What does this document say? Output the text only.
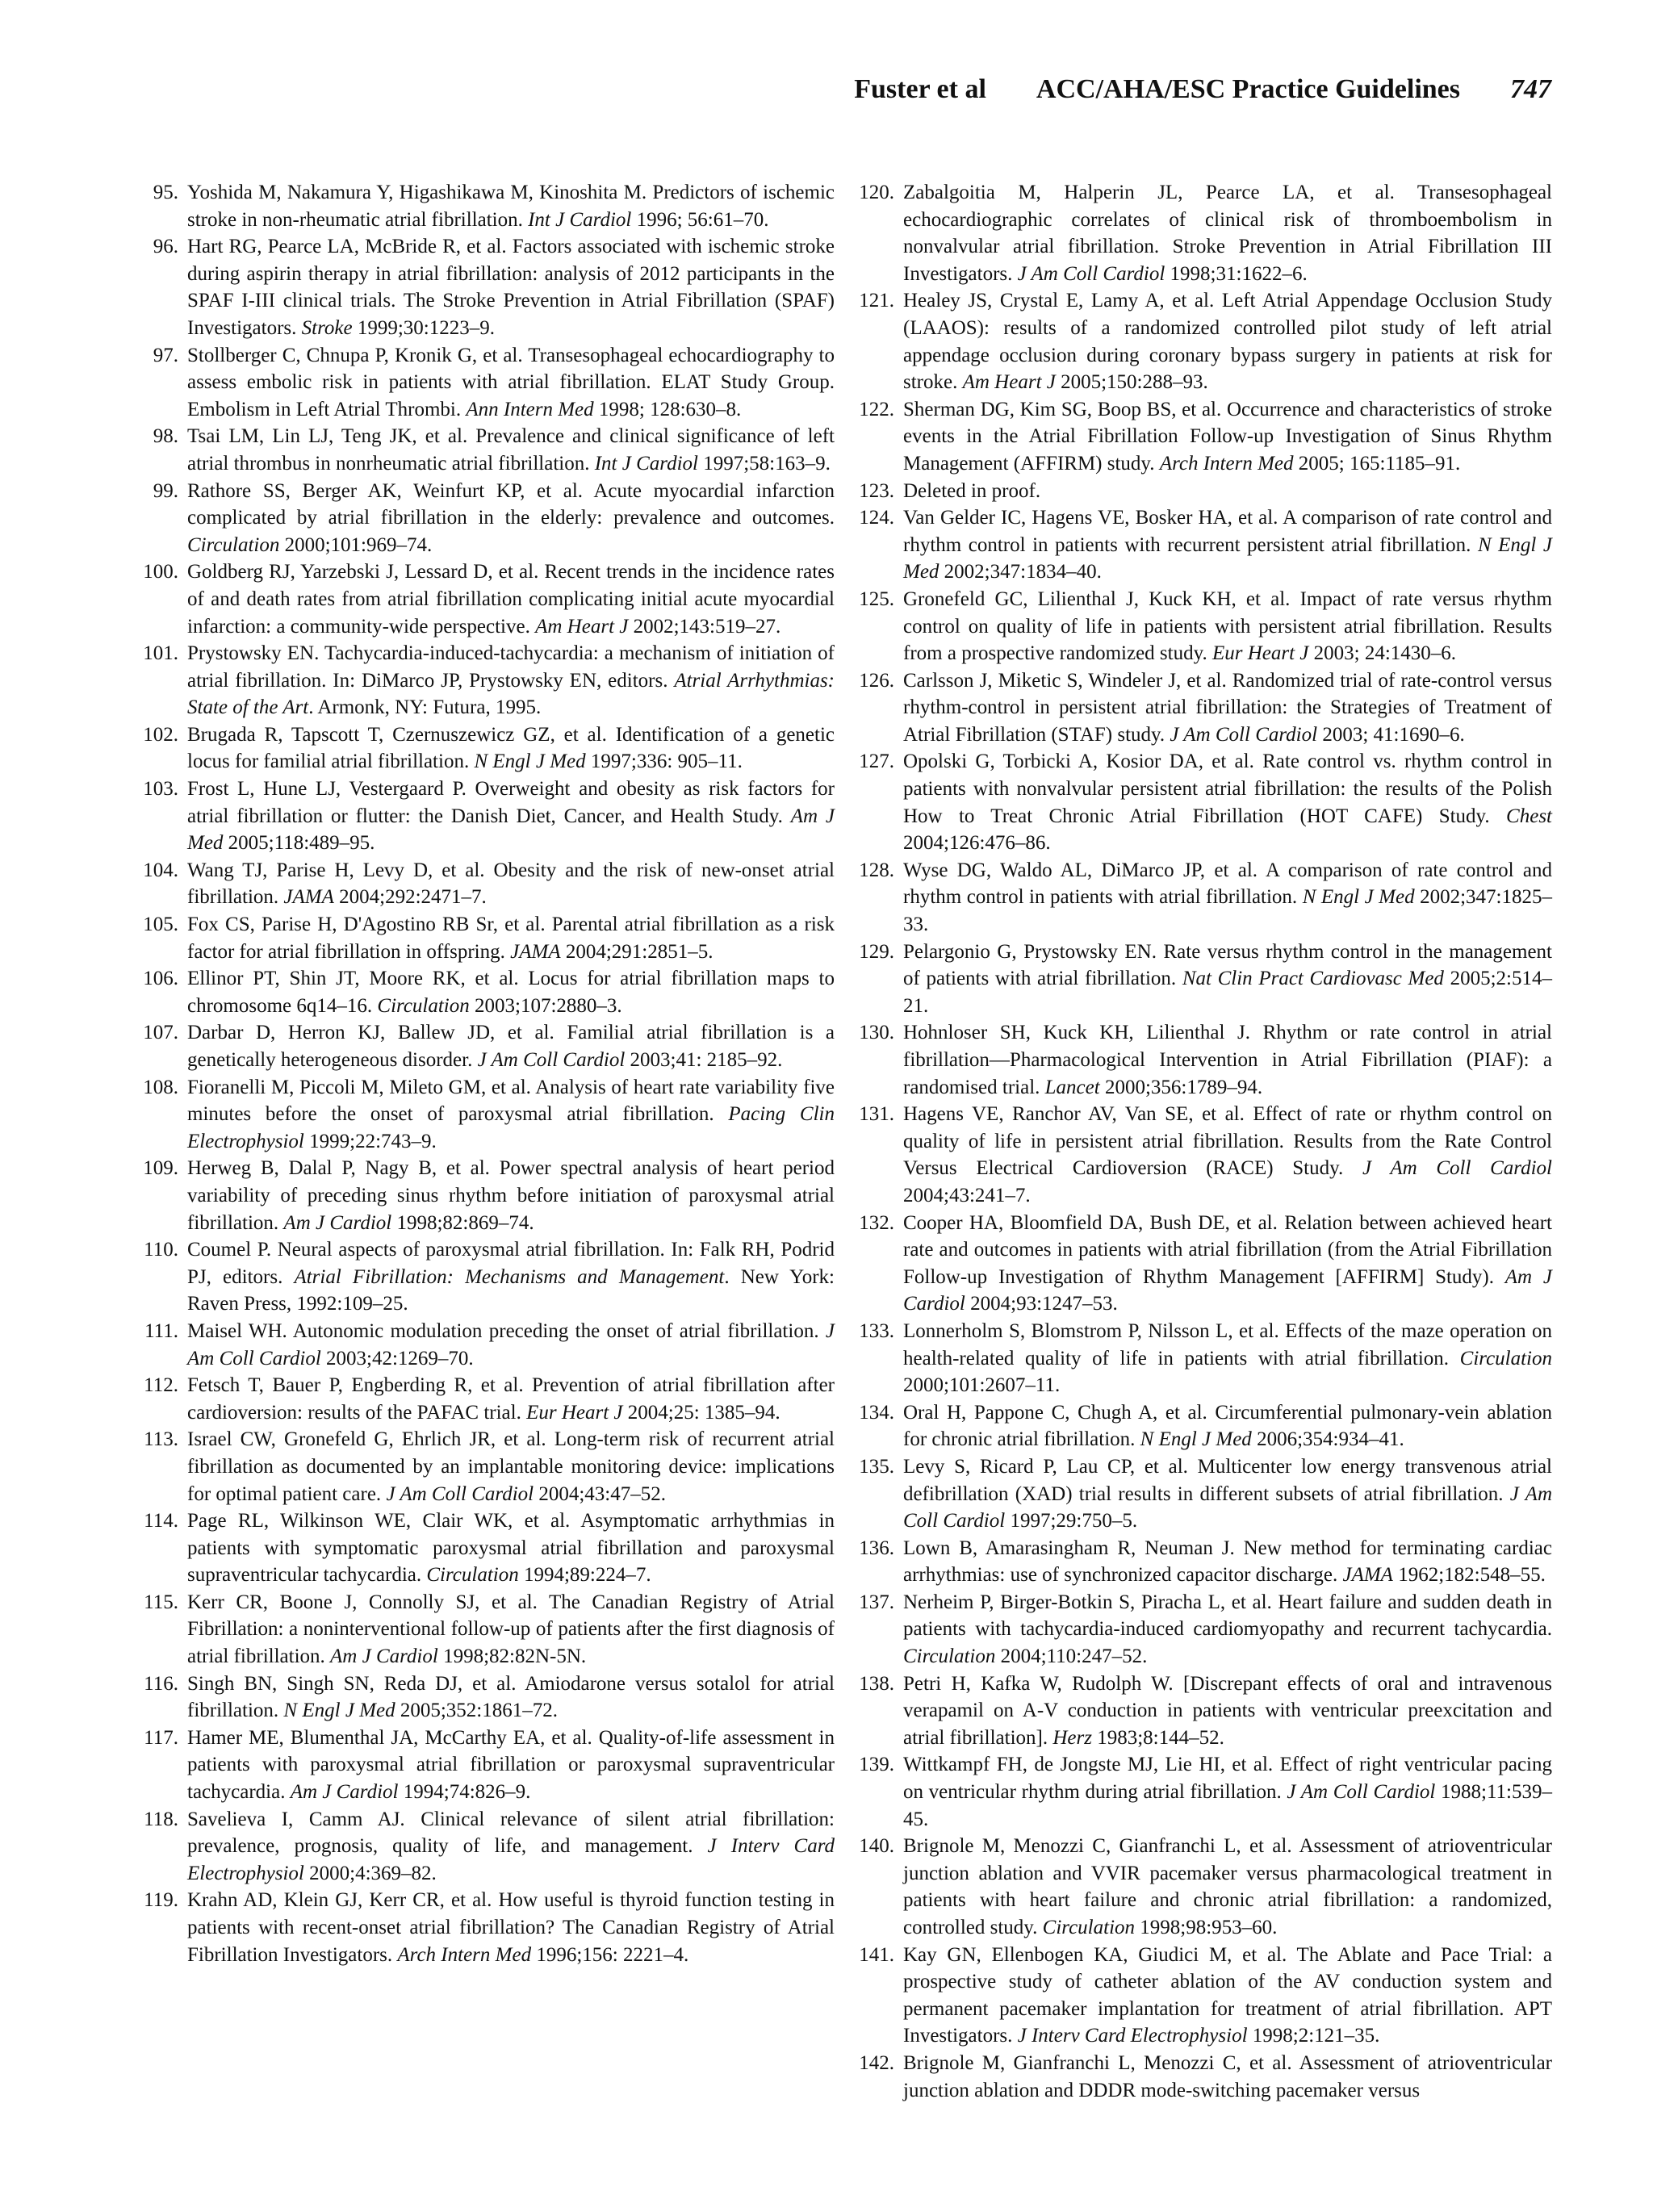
Fuster et al ACC/AHA/ESC Practice Guidelines 747
95. Yoshida M, Nakamura Y, Higashikawa M, Kinoshita M. Predictors of ischemic stroke in non-rheumatic atrial fibrillation. Int J Cardiol 1996; 56:61–70.
96. Hart RG, Pearce LA, McBride R, et al. Factors associated with ischemic stroke during aspirin therapy in atrial fibrillation: analysis of 2012 participants in the SPAF I-III clinical trials. The Stroke Prevention in Atrial Fibrillation (SPAF) Investigators. Stroke 1999;30:1223–9.
97. Stollberger C, Chnupa P, Kronik G, et al. Transesophageal echocardiography to assess embolic risk in patients with atrial fibrillation. ELAT Study Group. Embolism in Left Atrial Thrombi. Ann Intern Med 1998; 128:630–8.
98. Tsai LM, Lin LJ, Teng JK, et al. Prevalence and clinical significance of left atrial thrombus in nonrheumatic atrial fibrillation. Int J Cardiol 1997;58:163–9.
99. Rathore SS, Berger AK, Weinfurt KP, et al. Acute myocardial infarction complicated by atrial fibrillation in the elderly: prevalence and outcomes. Circulation 2000;101:969–74.
100. Goldberg RJ, Yarzebski J, Lessard D, et al. Recent trends in the incidence rates of and death rates from atrial fibrillation complicating initial acute myocardial infarction: a community-wide perspective. Am Heart J 2002;143:519–27.
101. Prystowsky EN. Tachycardia-induced-tachycardia: a mechanism of initiation of atrial fibrillation. In: DiMarco JP, Prystowsky EN, editors. Atrial Arrhythmias: State of the Art. Armonk, NY: Futura, 1995.
102. Brugada R, Tapscott T, Czernuszewicz GZ, et al. Identification of a genetic locus for familial atrial fibrillation. N Engl J Med 1997;336: 905–11.
103. Frost L, Hune LJ, Vestergaard P. Overweight and obesity as risk factors for atrial fibrillation or flutter: the Danish Diet, Cancer, and Health Study. Am J Med 2005;118:489–95.
104. Wang TJ, Parise H, Levy D, et al. Obesity and the risk of new-onset atrial fibrillation. JAMA 2004;292:2471–7.
105. Fox CS, Parise H, D'Agostino RB Sr, et al. Parental atrial fibrillation as a risk factor for atrial fibrillation in offspring. JAMA 2004;291:2851–5.
106. Ellinor PT, Shin JT, Moore RK, et al. Locus for atrial fibrillation maps to chromosome 6q14–16. Circulation 2003;107:2880–3.
107. Darbar D, Herron KJ, Ballew JD, et al. Familial atrial fibrillation is a genetically heterogeneous disorder. J Am Coll Cardiol 2003;41: 2185–92.
108. Fioranelli M, Piccoli M, Mileto GM, et al. Analysis of heart rate variability five minutes before the onset of paroxysmal atrial fibrillation. Pacing Clin Electrophysiol 1999;22:743–9.
109. Herweg B, Dalal P, Nagy B, et al. Power spectral analysis of heart period variability of preceding sinus rhythm before initiation of paroxysmal atrial fibrillation. Am J Cardiol 1998;82:869–74.
110. Coumel P. Neural aspects of paroxysmal atrial fibrillation. In: Falk RH, Podrid PJ, editors. Atrial Fibrillation: Mechanisms and Management. New York: Raven Press, 1992:109–25.
111. Maisel WH. Autonomic modulation preceding the onset of atrial fibrillation. J Am Coll Cardiol 2003;42:1269–70.
112. Fetsch T, Bauer P, Engberding R, et al. Prevention of atrial fibrillation after cardioversion: results of the PAFAC trial. Eur Heart J 2004;25: 1385–94.
113. Israel CW, Gronefeld G, Ehrlich JR, et al. Long-term risk of recurrent atrial fibrillation as documented by an implantable monitoring device: implications for optimal patient care. J Am Coll Cardiol 2004;43:47–52.
114. Page RL, Wilkinson WE, Clair WK, et al. Asymptomatic arrhythmias in patients with symptomatic paroxysmal atrial fibrillation and paroxysmal supraventricular tachycardia. Circulation 1994;89:224–7.
115. Kerr CR, Boone J, Connolly SJ, et al. The Canadian Registry of Atrial Fibrillation: a noninterventional follow-up of patients after the first diagnosis of atrial fibrillation. Am J Cardiol 1998;82:82N-5N.
116. Singh BN, Singh SN, Reda DJ, et al. Amiodarone versus sotalol for atrial fibrillation. N Engl J Med 2005;352:1861–72.
117. Hamer ME, Blumenthal JA, McCarthy EA, et al. Quality-of-life assessment in patients with paroxysmal atrial fibrillation or paroxysmal supraventricular tachycardia. Am J Cardiol 1994;74:826–9.
118. Savelieva I, Camm AJ. Clinical relevance of silent atrial fibrillation: prevalence, prognosis, quality of life, and management. J Interv Card Electrophysiol 2000;4:369–82.
119. Krahn AD, Klein GJ, Kerr CR, et al. How useful is thyroid function testing in patients with recent-onset atrial fibrillation? The Canadian Registry of Atrial Fibrillation Investigators. Arch Intern Med 1996;156: 2221–4.
120. Zabalgoitia M, Halperin JL, Pearce LA, et al. Transesophageal echocardiographic correlates of clinical risk of thromboembolism in nonvalvular atrial fibrillation. Stroke Prevention in Atrial Fibrillation III Investigators. J Am Coll Cardiol 1998;31:1622–6.
121. Healey JS, Crystal E, Lamy A, et al. Left Atrial Appendage Occlusion Study (LAAOS): results of a randomized controlled pilot study of left atrial appendage occlusion during coronary bypass surgery in patients at risk for stroke. Am Heart J 2005;150:288–93.
122. Sherman DG, Kim SG, Boop BS, et al. Occurrence and characteristics of stroke events in the Atrial Fibrillation Follow-up Investigation of Sinus Rhythm Management (AFFIRM) study. Arch Intern Med 2005; 165:1185–91.
123. Deleted in proof.
124. Van Gelder IC, Hagens VE, Bosker HA, et al. A comparison of rate control and rhythm control in patients with recurrent persistent atrial fibrillation. N Engl J Med 2002;347:1834–40.
125. Gronefeld GC, Lilienthal J, Kuck KH, et al. Impact of rate versus rhythm control on quality of life in patients with persistent atrial fibrillation. Results from a prospective randomized study. Eur Heart J 2003; 24:1430–6.
126. Carlsson J, Miketic S, Windeler J, et al. Randomized trial of rate-control versus rhythm-control in persistent atrial fibrillation: the Strategies of Treatment of Atrial Fibrillation (STAF) study. J Am Coll Cardiol 2003; 41:1690–6.
127. Opolski G, Torbicki A, Kosior DA, et al. Rate control vs. rhythm control in patients with nonvalvular persistent atrial fibrillation: the results of the Polish How to Treat Chronic Atrial Fibrillation (HOT CAFE) Study. Chest 2004;126:476–86.
128. Wyse DG, Waldo AL, DiMarco JP, et al. A comparison of rate control and rhythm control in patients with atrial fibrillation. N Engl J Med 2002;347:1825–33.
129. Pelargonio G, Prystowsky EN. Rate versus rhythm control in the management of patients with atrial fibrillation. Nat Clin Pract Cardiovasc Med 2005;2:514–21.
130. Hohnloser SH, Kuck KH, Lilienthal J. Rhythm or rate control in atrial fibrillation—Pharmacological Intervention in Atrial Fibrillation (PIAF): a randomised trial. Lancet 2000;356:1789–94.
131. Hagens VE, Ranchor AV, Van SE, et al. Effect of rate or rhythm control on quality of life in persistent atrial fibrillation. Results from the Rate Control Versus Electrical Cardioversion (RACE) Study. J Am Coll Cardiol 2004;43:241–7.
132. Cooper HA, Bloomfield DA, Bush DE, et al. Relation between achieved heart rate and outcomes in patients with atrial fibrillation (from the Atrial Fibrillation Follow-up Investigation of Rhythm Management [AFFIRM] Study). Am J Cardiol 2004;93:1247–53.
133. Lonnerholm S, Blomstrom P, Nilsson L, et al. Effects of the maze operation on health-related quality of life in patients with atrial fibrillation. Circulation 2000;101:2607–11.
134. Oral H, Pappone C, Chugh A, et al. Circumferential pulmonary-vein ablation for chronic atrial fibrillation. N Engl J Med 2006;354:934–41.
135. Levy S, Ricard P, Lau CP, et al. Multicenter low energy transvenous atrial defibrillation (XAD) trial results in different subsets of atrial fibrillation. J Am Coll Cardiol 1997;29:750–5.
136. Lown B, Amarasingham R, Neuman J. New method for terminating cardiac arrhythmias: use of synchronized capacitor discharge. JAMA 1962;182:548–55.
137. Nerheim P, Birger-Botkin S, Piracha L, et al. Heart failure and sudden death in patients with tachycardia-induced cardiomyopathy and recurrent tachycardia. Circulation 2004;110:247–52.
138. Petri H, Kafka W, Rudolph W. [Discrepant effects of oral and intravenous verapamil on A-V conduction in patients with ventricular preexcitation and atrial fibrillation]. Herz 1983;8:144–52.
139. Wittkampf FH, de Jongste MJ, Lie HI, et al. Effect of right ventricular pacing on ventricular rhythm during atrial fibrillation. J Am Coll Cardiol 1988;11:539–45.
140. Brignole M, Menozzi C, Gianfranchi L, et al. Assessment of atrioventricular junction ablation and VVIR pacemaker versus pharmacological treatment in patients with heart failure and chronic atrial fibrillation: a randomized, controlled study. Circulation 1998;98:953–60.
141. Kay GN, Ellenbogen KA, Giudici M, et al. The Ablate and Pace Trial: a prospective study of catheter ablation of the AV conduction system and permanent pacemaker implantation for treatment of atrial fibrillation. APT Investigators. J Interv Card Electrophysiol 1998;2:121–35.
142. Brignole M, Gianfranchi L, Menozzi C, et al. Assessment of atrioventricular junction ablation and DDDR mode-switching pacemaker versus
